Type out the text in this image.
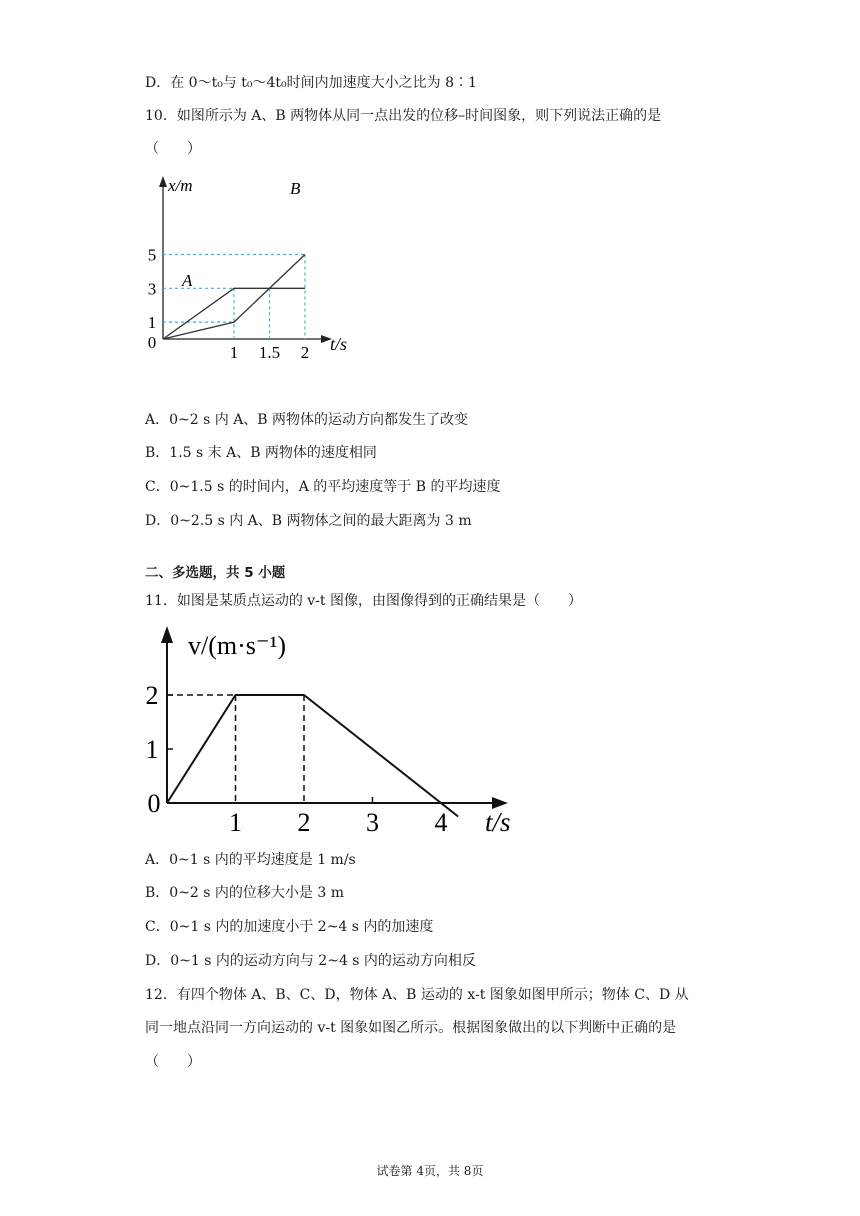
D．在 0～t₀与 t₀～4t₀时间内加速度大小之比为 8∶1
10．如图所示为 A、B 两物体从同一点出发的位移–时间图象，则下列说法正确的是
（　　）
A
B
1 1.5 2
1
3
5
0
x/m
t/s
A．0~2 s 内 A、B 两物体的运动方向都发生了改变
B．1.5 s 末 A、B 两物体的速度相同
C．0~1.5 s 的时间内，A 的平均速度等于 B 的平均速度
D．0~2.5 s 内 A、B 两物体之间的最大距离为 3 m
二、多选题，共 5 小题
11．如图是某质点运动的 v-t 图像，由图像得到的正确结果是（　　）
1 2 3 4
1
2
0
v/(m·s⁻¹)
t/s
A．0~1 s 内的平均速度是 1 m/s
B．0~2 s 内的位移大小是 3 m
C．0~1 s 内的加速度小于 2~4 s 内的加速度
D．0~1 s 内的运动方向与 2~4 s 内的运动方向相反
12．有四个物体 A、B、C、D，物体 A、B 运动的 x-t 图象如图甲所示；物体 C、D 从
同一地点沿同一方向运动的 v-t 图象如图乙所示。根据图象做出的以下判断中正确的是
（　　）
试卷第 4页，共 8页
